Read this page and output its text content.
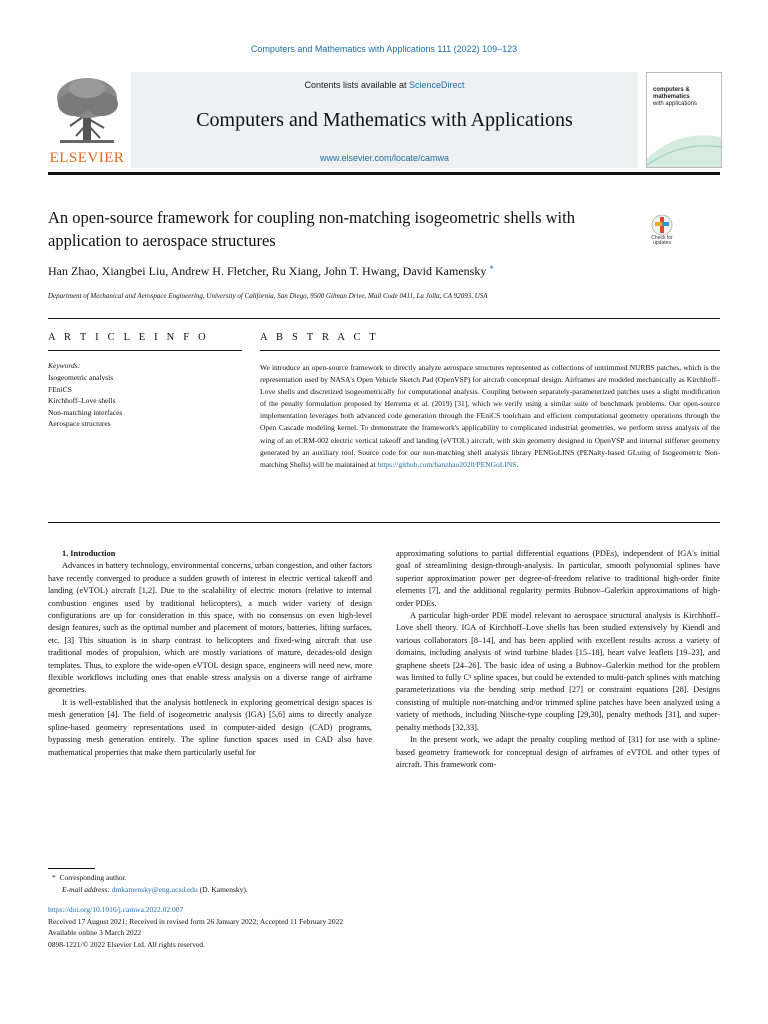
Computers and Mathematics with Applications 111 (2022) 109–123
ELSEVIER
Contents lists available at ScienceDirect
Computers and Mathematics with Applications
www.elsevier.com/locate/camwa
computers &
mathematics
with applications
An open-source framework for coupling non-matching isogeometric shells with application to aerospace structures	Check for updates
Han Zhao, Xiangbei Liu, Andrew H. Fletcher, Ru Xiang, John T. Hwang, David Kamensky *
Department of Mechanical and Aerospace Engineering, University of California, San Diego, 9500 Gilman Drive, Mail Code 0411, La Jolla, CA 92093, USA
A R T I C L E I N F O	A B S T R A C T
Keywords:
Isogeometric analysis
FEniCS
Kirchhoff–Love shells
Non-matching interfaces
Aerospace structures
We introduce an open-source framework to directly analyze aerospace structures represented as collections of untrimmed NURBS patches, which is the representation used by NASA's Open Vehicle Sketch Pad (OpenVSP) for aircraft conceptual design. Airframes are modeled mechanically as Kirchhoff–Love shells and discretized isogeometrically for computational analysis. Coupling between separately-parameterized patches uses a slight modification of the penalty formulation proposed by Herrema et al. (2019) [31], which we verify using a similar suite of benchmark problems. Our open-source implementation leverages both advanced code generation through the FEniCS toolchain and efficient computational geometry operations through the Open Cascade modeling kernel. To demonstrate the framework's applicability to complicated industrial geometries, we perform stress analysis of the wing of an eCRM-002 electric vertical takeoff and landing (eVTOL) aircraft, with skin geometry designed in OpenVSP and internal stiffener geometry generated by an auxiliary tool. Source code for our non-matching shell analysis library PENGoLINS (PENalty-based GLuing of Isogeometric Non-matching Shells) will be maintained at https://github.com/hanzhao2020/PENGoLINS.

1. Introduction

Advances in battery technology, environmental concerns, urban congestion, and other factors have recently converged to produce a sudden growth of interest in electric vertical takeoff and landing (eVTOL) aircraft [1,2]. Due to the scalability of electric motors (relative to internal combustion engines used by traditional helicopters), a much wider variety of design configurations are up for consideration in this space, with no consensus on even high-level design features, such as the optimal number and placement of motors, batteries, lifting surfaces, etc. [3] This situation is in sharp contrast to helicopters and fixed-wing aircraft that use traditional modes of propulsion, which are mostly variations of mature, decades-old design templates. Thus, to explore the wide-open eVTOL design space, engineers will need new, more flexible workflows including ones that enable stress analysis on a diverse range of airframe geometries.

It is well-established that the analysis bottleneck in exploring geometrical design spaces is mesh generation [4]. The field of isogeometric analysis (IGA) [5,6] aims to directly analyze spline-based geometry representations used in computer-aided design (CAD) programs, bypassing mesh generation entirely. The spline function spaces used in CAD also have mathematical properties that make them particularly useful for

approximating solutions to partial differential equations (PDEs), independent of IGA's initial goal of streamlining design-through-analysis. In particular, smooth polynomial splines have superior approximation power per degree-of-freedom relative to traditional high-order finite elements [7], and the additional regularity permits Bubnov–Galerkin approximations of high-order PDEs.

A particular high-order PDE model relevant to aerospace structural analysis is Kirchhoff–Love shell theory. IGA of Kirchhoff–Love shells has been studied extensively by Kiendl and various collaborators [8–14], and has been applied with excellent results across a variety of domains, including analysis of wind turbine blades [15–18], heart valve leaflets [19–23], and graphene sheets [24–26]. The basic idea of using a Bubnov–Galerkin method for the problem was limited to fully C¹ spline spaces, but could be extended to multi-patch splines with matching parameterizations via the bending strip method [27] or constraint equations [28]. Designs consisting of multiple non-matching and/or trimmed spline patches have been analyzed using a variety of methods, including Nitsche-type coupling [29,30], penalty methods [31], and super-penalty methods [32,33].

In the present work, we adapt the penalty coupling method of [31] for use with a spline-based geometry framework for conceptual design of airframes of eVTOL and other types of aircraft. This framework com-

* Corresponding author.
E-mail address: dmkamensky@eng.ucsd.edu (D. Kamensky).
https://doi.org/10.1016/j.camwa.2022.02.007
Received 17 August 2021; Received in revised form 26 January 2022; Accepted 11 February 2022
Available online 3 March 2022
0898-1221/© 2022 Elsevier Ltd. All rights reserved.
